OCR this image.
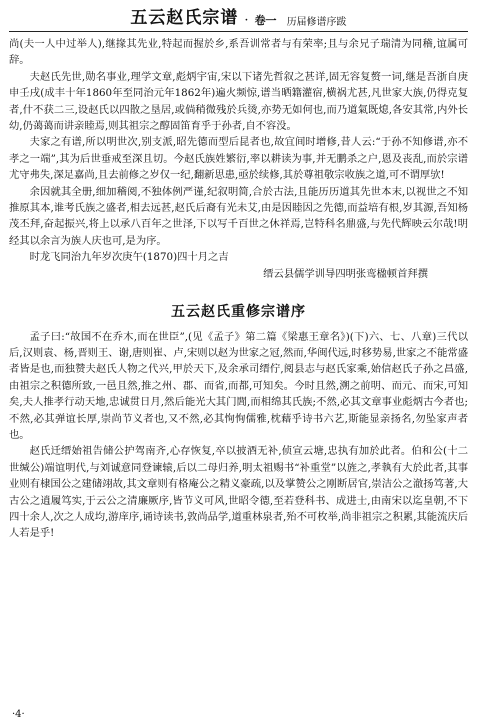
五云赵氏宗谱 · 卷一 历届修谱序跋

尚(夫一人中过举人),继掾其先业,特起而握於乡,系吾训常者与有荣率;且与余兄子瑞清为同稽,谊属可辞。

夫赵氏先世,勋名事业,理学文章,彪炳宇宙,宋以下诸先哲叙之甚详,固无容复赘一词,继是吾浙自庚申壬戌(成丰十年1860年至同治元年1862年)遍火频惊,谱当晒籍灌宿,横祸尤甚,凡世家大族,仍得克复者,什不获二三,设赵氏以四散之垦居,或倘稍微残於兵烫,亦势无如何也,而乃道氣既熄,各安其常,内外长幼,仍蔼蔼而讲亲睦焉,则其祖宗之醇固笛育乎于孙者,自不容没。

夫家之有谱,所以明世次,别支派,昭先德而型后昆者也,故宜间时增修,昔人云:“于孙不知修谱,亦不孝之一端”,其为后世垂戒至深且切。今赵氏族姓繁衍,率以耕读为事,并无鹏杀之户,恩及丧乱,而於宗谱尤守弗失,深足嘉尚,且去前修之岁仅一纪,翻新思患,亟於续修,其於尊祖敬宗收族之道,可不谓厚欤!

余因就其全册,细加稽阅,不独体例严谨,纪叙明简,合於古法,且能历历道其先世本末,以视世之不知推原其本,谁考氏族之盛者,相去远甚,赵氏后裔有光未艾,由是因睦因之先德,而益培有根,岁其源,吾知杨茂丕拜,奋起振兴,将上以承八百年之世泽,下以写千百世之休祥焉,岂特科名鼎盛,与先代辉映云尔哉!明经其以余言为族人庆也可,是为序。

时龙飞同治九年岁次庚午(1870)四十月之吉

缙云县儒学训导四明张鸾楹顿首拜撰

五云赵氏重修宗谱序

孟子曰:“故国不在乔木,而在世臣”,(见《孟子》第二篇《梁惠王章名》)(下)六、七、八章)三代以后,汉则袁、杨,晋则王、谢,唐则崔、卢,宋则以赵为世家之冠,然而,华闽代远,时移势易,世家之不能常盛者皆是也,而独赞夫赵氏人物之代兴,甲於天下,及余承司缙佇,阅县志与赵氏家乘,始信赵氏子孙之昌盛,由祖宗之积德所致,一邑且然,推之州、郡、而省,而都,可知矣。今时且然,溯之前明、而元、而宋,可知矣,夫人推孝行动天地,忠诚贯日月,然后能光大其门閭,而相绵其氏族;不然,必其文章事业彪炳古今者也;不然,必其弹谊长厚,崇尚节义者也,又不然,必其恂恂儒雅,枕藉乎诗书六艺,斯能显亲扬名,勿坠家声者也。

赵氏迁缙始祖告储公护驾南齐,心存恢复,卒以披酒无补,侦宣云塘,忠执有加於此者。伯和公(十二世缄公)端谊明代,与刘诚意同登谏辕,后以二母归养,明太祖赐书“补重堂”以旌之,孝執有大於此者,其事业则有棣国公之建储翊故,其文章则有格庵公之精义豪疏,以及掌赞公之刚断居官,崇洁公之澈扬笃著,大古公之逍履笃实,于云公之清廉厥序,皆节义可风,世昭令德,至若登科书、成进士,由南宋以迄皇朝,不下四十余人,次之人成均,游庠序,诵诗读书,敦尚品学,道重林泉者,殆不可枚举,尚非祖宗之积累,其能流庆后人若是乎!

·4·
